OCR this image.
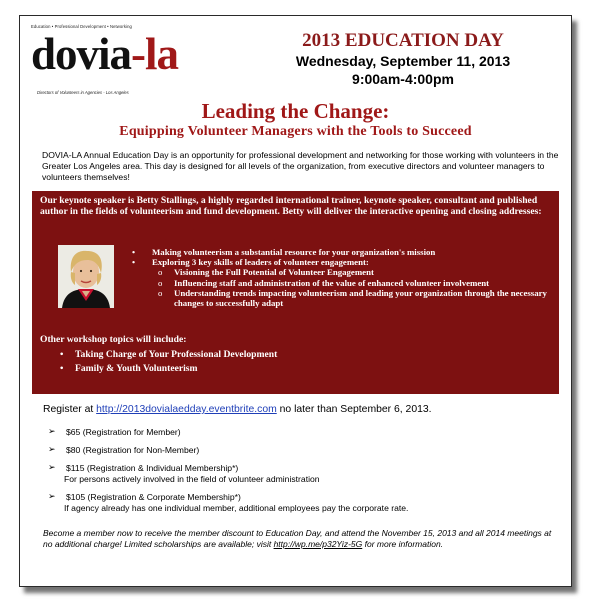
Education • Professional Development • Networking
dovia-la
Directors of Volunteers in Agencies - Los Angeles
2013 EDUCATION DAY
Wednesday, September 11, 2013
9:00am-4:00pm
Leading the Change:
Equipping Volunteer Managers with the Tools to Succeed
DOVIA-LA Annual Education Day is an opportunity for professional development and networking for those working with volunteers in the Greater Los Angeles area. This day is designed for all levels of the organization, from executive directors and volunteer managers to volunteers themselves!
Our keynote speaker is Betty Stallings, a highly regarded international trainer, keynote speaker, consultant and published author in the fields of volunteerism and fund development. Betty will deliver the interactive opening and closing addresses:
• Making volunteerism a substantial resource for your organization's mission
• Exploring 3 key skills of leaders of volunteer engagement:
o Visioning the Full Potential of Volunteer Engagement
o Influencing staff and administration of the value of enhanced volunteer involvement
o Understanding trends impacting volunteerism and leading your organization through the necessary changes to successfully adapt
Other workshop topics will include:
• Taking Charge of Your Professional Development
• Family & Youth Volunteerism
Register at http://2013dovialaedday.eventbrite.com no later than September 6, 2013.
➢ $65 (Registration for Member)
➢ $80 (Registration for Non-Member)
➢ $115 (Registration & Individual Membership*)
For persons actively involved in the field of volunteer administration
➢ $105 (Registration & Corporate Membership*)
If agency already has one individual member, additional employees pay the corporate rate.
Become a member now to receive the member discount to Education Day, and attend the November 15, 2013 and all 2014 meetings at no additional charge! Limited scholarships are available; visit http://wp.me/p32Yiz-5G for more information.
